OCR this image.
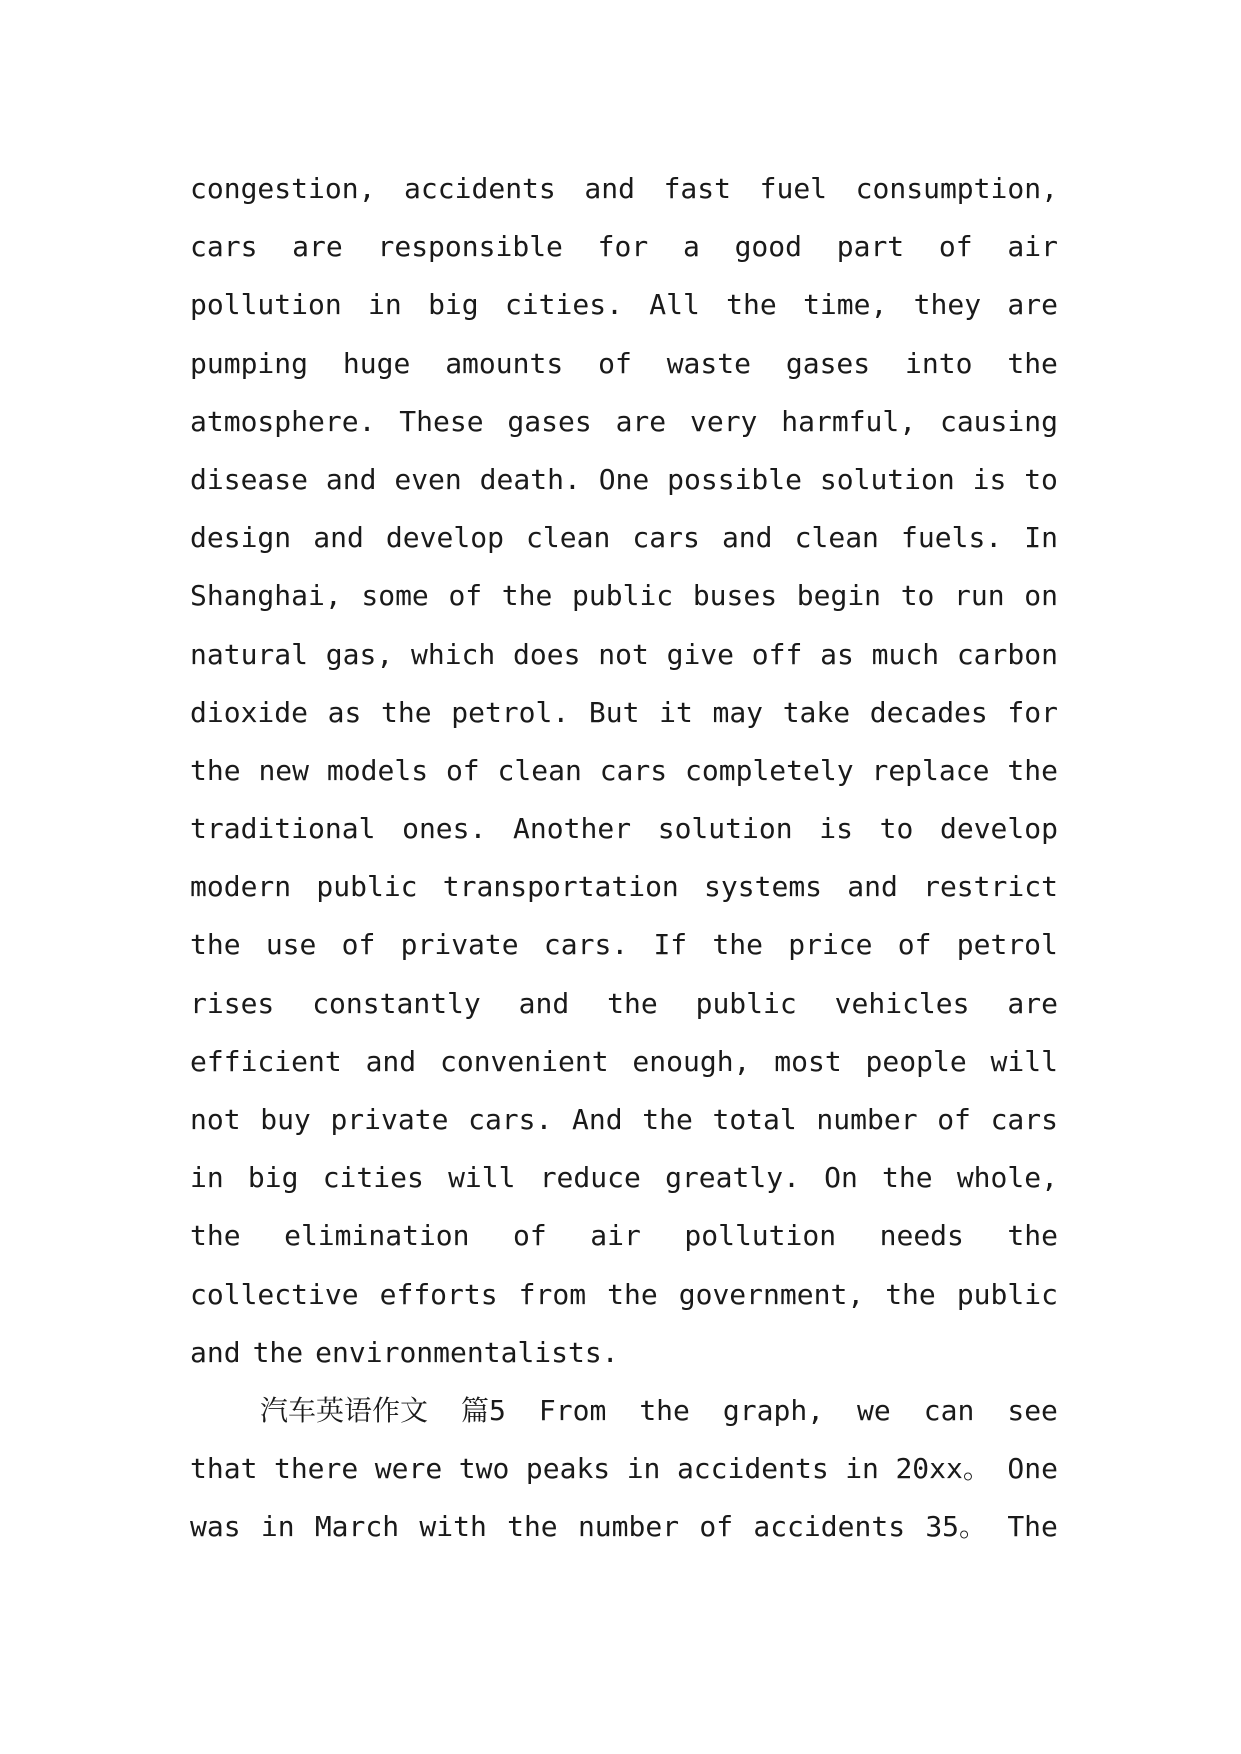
congestion, accidents and fast fuel consumption,
cars are responsible for a good part of air
pollution in big cities. All the time, they are
pumping huge amounts of waste gases into the
atmosphere. These gases are very harmful, causing
disease and even death. One possible solution is to
design and develop clean cars and clean fuels. In
Shanghai, some of the public buses begin to run on
natural gas, which does not give off as much carbon
dioxide as the petrol. But it may take decades for
the new models of clean cars completely replace the
traditional ones. Another solution is to develop
modern public transportation systems and restrict
the use of private cars. If the price of petrol
rises constantly and the public vehicles are
efficient and convenient enough, most people will
not buy private cars. And the total number of cars
in big cities will reduce greatly. On the whole,
the elimination of air pollution needs the
collective efforts from the government, the public
and the environmentalists.
汽车英语作文 篇5 From the graph, we can see
that there were two peaks in accidents in 20xx。 One
was in March with the number of accidents 35。 The
